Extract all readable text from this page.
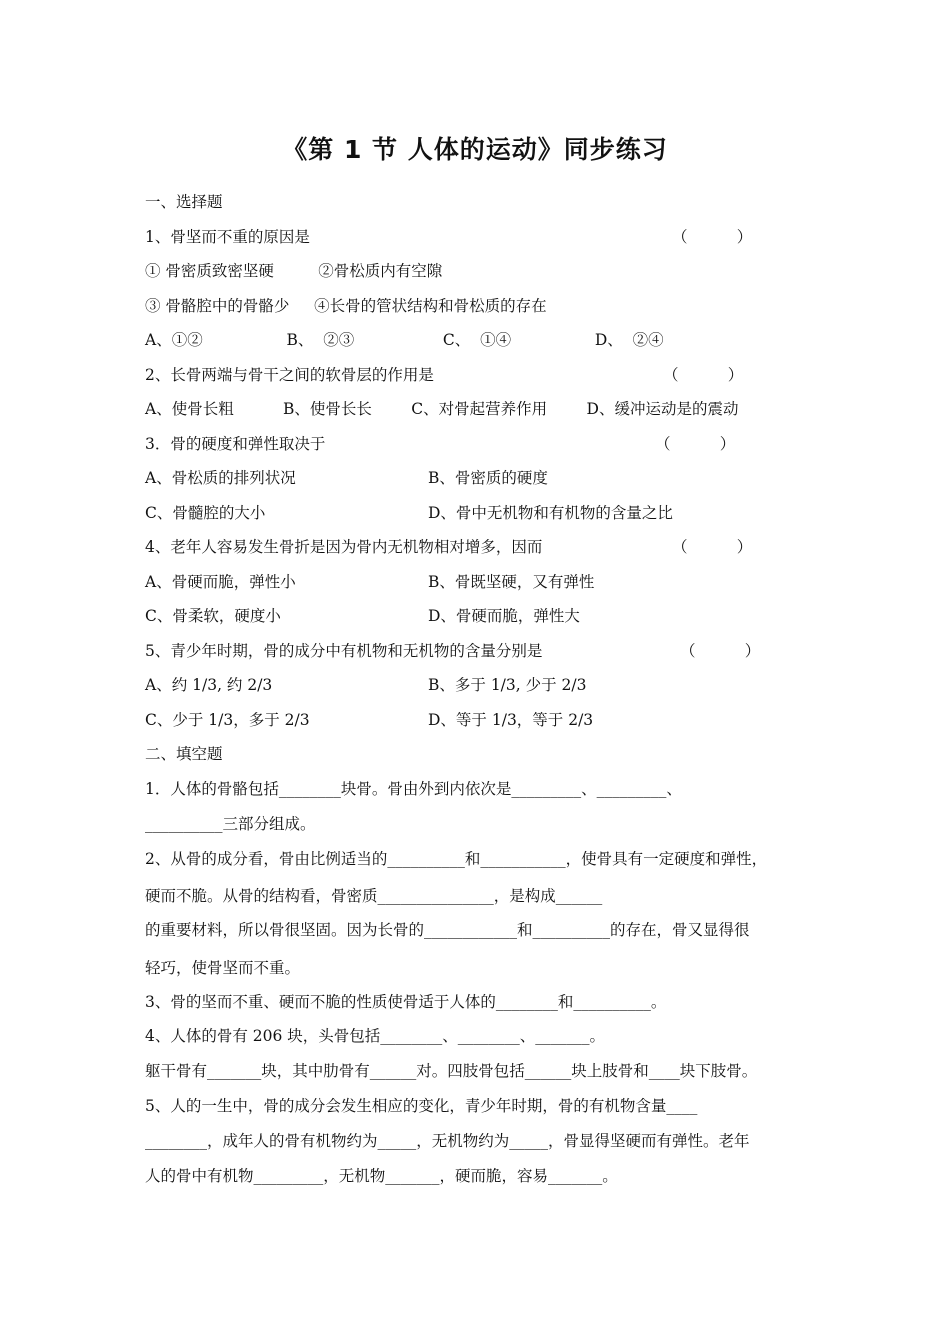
《第 1 节 人体的运动》同步练习
一、选择题
1、骨坚而不重的原因是	（          ）
① 骨密质致密坚硬         ②骨松质内有空隙
③ 骨骼腔中的骨骼少     ④长骨的管状结构和骨松质的存在
A、①②                 B、  ②③                  C、  ①④                 D、  ②④
2、长骨两端与骨干之间的软骨层的作用是	（          ）
A、使骨长粗          B、使骨长长        C、对骨起营养作用        D、缓冲运动是的震动
3．骨的硬度和弹性取决于	（          ）
A、骨松质的排列状况	B、骨密质的硬度
C、骨髓腔的大小	D、骨中无机物和有机物的含量之比
4、老年人容易发生骨折是因为骨内无机物相对增多，因而	（          ）
A、骨硬而脆，弹性小	B、骨既坚硬，又有弹性
C、骨柔软，硬度小	D、骨硬而脆，弹性大
5、青少年时期，骨的成分中有机物和无机物的含量分别是	（          ）
A、约 1/3, 约 2/3	B、多于 1/3, 少于 2/3
C、少于 1/3，多于 2/3	D、等于 1/3，等于 2/3
二、填空题
1．人体的骨骼包括________块骨。骨由外到内依次是_________、_________、
__________三部分组成。
2、从骨的成分看，骨由比例适当的__________和___________，使骨具有一定硬度和弹性，
硬而不脆。从骨的结构看，骨密质_______________，是构成______
的重要材料，所以骨很坚固。因为长骨的____________和__________的存在，骨又显得很
轻巧，使骨坚而不重。
3、骨的坚而不重、硬而不脆的性质使骨适于人体的________和__________。
4、人体的骨有 206 块，头骨包括________、________、_______。
躯干骨有_______块，其中肋骨有______对。四肢骨包括______块上肢骨和____块下肢骨。
5、人的一生中，骨的成分会发生相应的变化，青少年时期，骨的有机物含量____
________，成年人的骨有机物约为_____，无机物约为_____，骨显得坚硬而有弹性。老年
人的骨中有机物_________，无机物_______，硬而脆，容易_______。
